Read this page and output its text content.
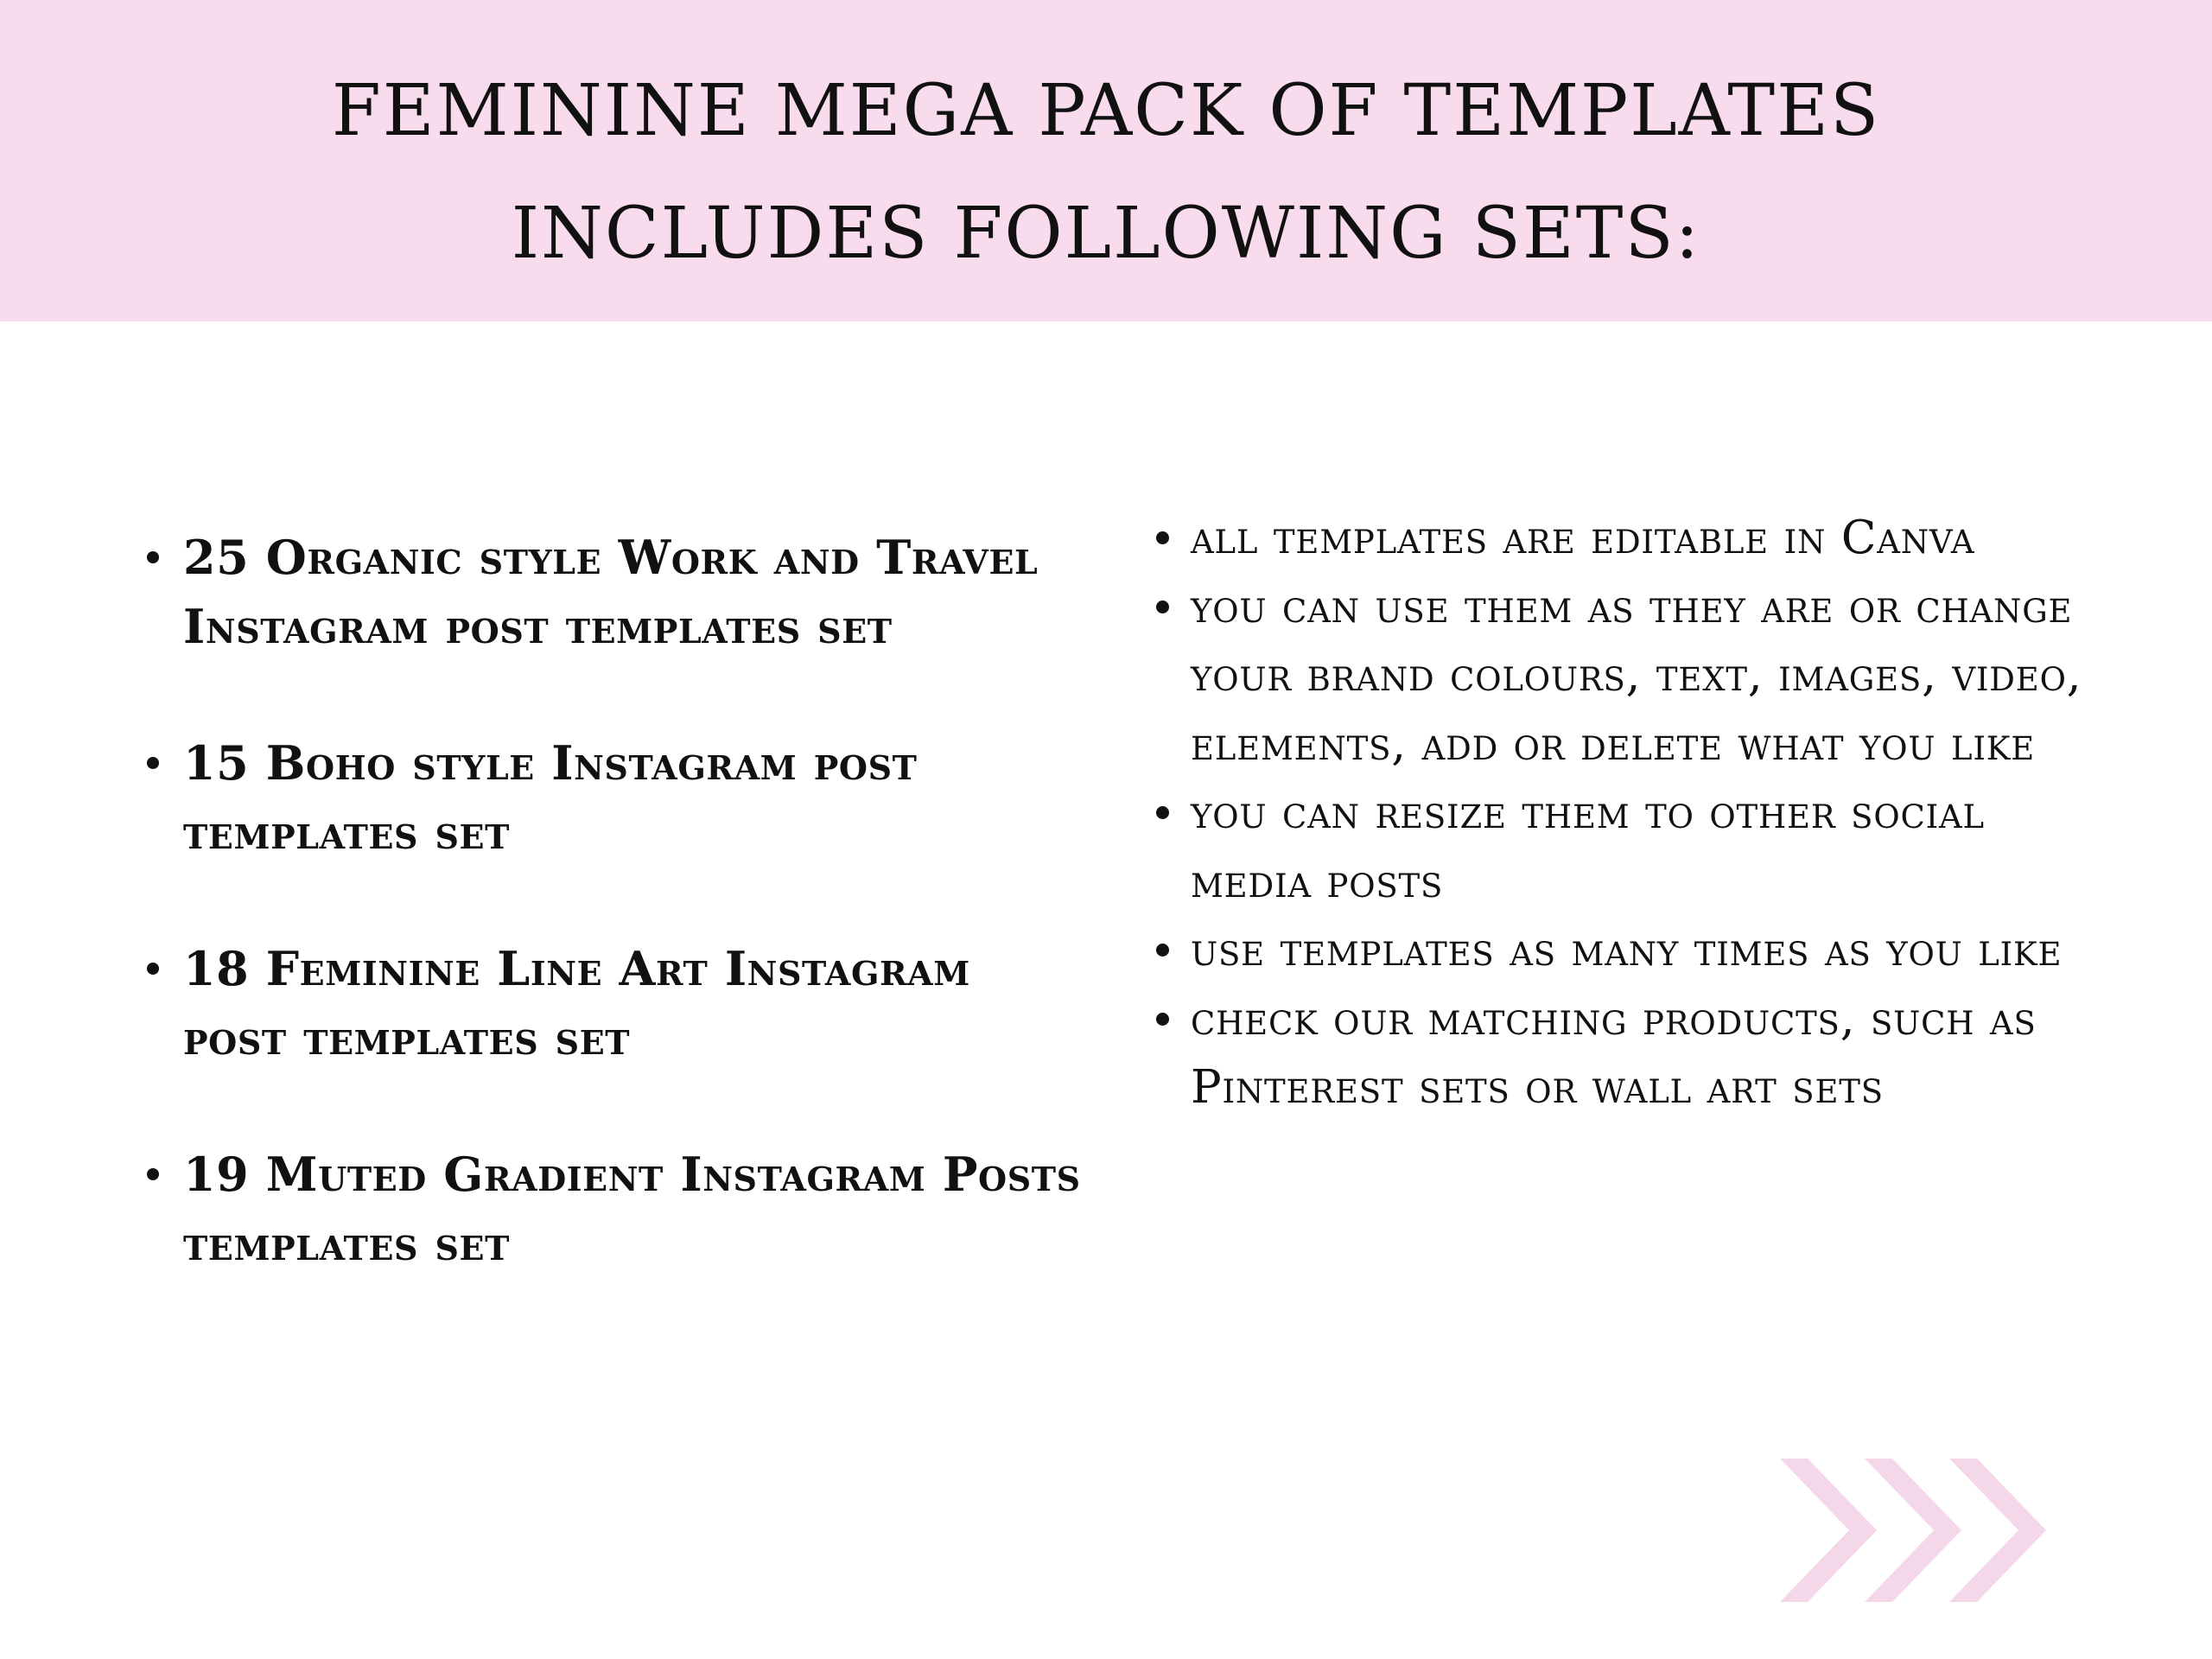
FEMININE MEGA PACK OF TEMPLATES
INCLUDES FOLLOWING SETS:
25 Organic style Work and Travel Instagram post templates set
15 Boho style Instagram post templates set
18 Feminine Line Art Instagram post templates set
19 Muted Gradient Instagram Posts templates set
all templates are editable in Canva
you can use them as they are or change your brand colours, text, images, video, elements, add or delete what you like
you can resize them to other social media posts
use templates as many times as you like
check our matching products, such as Pinterest sets or wall art sets
